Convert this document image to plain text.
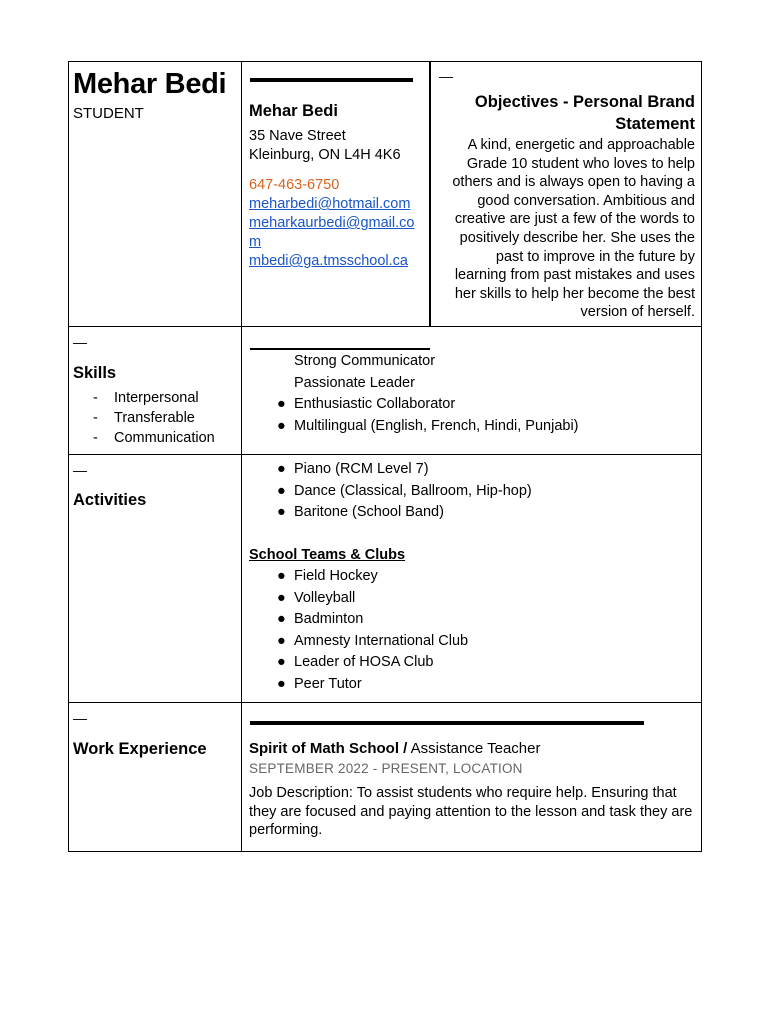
Mehar Bedi
STUDENT	Mehar Bedi
35 Nave Street
Kleinburg, ON L4H 4K6
647-463-6750
meharbedi@hotmail.com
meharkaurbedi@gmail.co
m
mbedi@ga.tmsschool.ca
—
Objectives - Personal Brand
Statement
A kind, energetic and approachable Grade 10 student who loves to help others and is always open to having a good conversation. Ambitious and creative are just a few of the words to positively describe her. She uses the past to improve in the future by learning from past mistakes and uses her skills to help her become the best version of herself.
—
Skills
- Interpersonal
- Transferable
- Communication
Strong Communicator
Passionate Leader
● Enthusiastic Collaborator
● Multilingual (English, French, Hindi, Punjabi)
—
Activities
● Piano (RCM Level 7)
● Dance (Classical, Ballroom, Hip-hop)
● Baritone (School Band)
School Teams & Clubs
● Field Hockey
● Volleyball
● Badminton
● Amnesty International Club
● Leader of HOSA Club
● Peer Tutor
—
Work Experience	Spirit of Math School / Assistance Teacher
SEPTEMBER 2022 - PRESENT, LOCATION
Job Description: To assist students who require help. Ensuring that they are focused and paying attention to the lesson and task they are performing.
